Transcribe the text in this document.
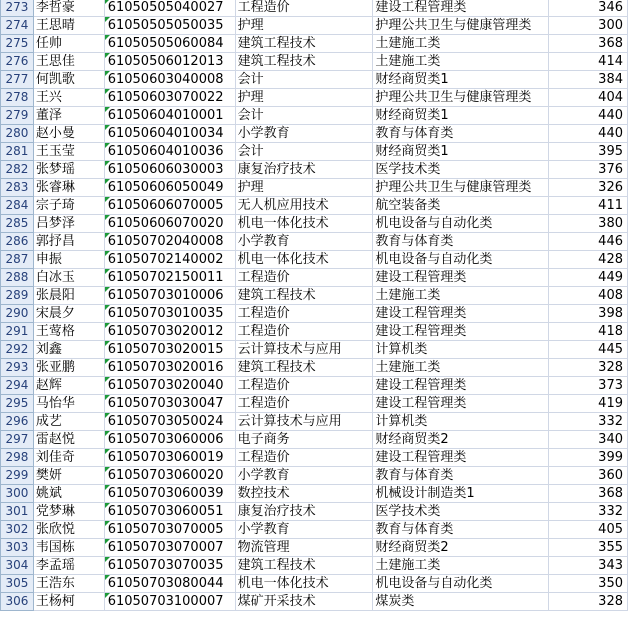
273	李哲豪	61050505040027	工程造价	建设工程管理类	346
274	王思晴	61050505050035	护理	护理公共卫生与健康管理类	300
275	任帅	61050505060084	建筑工程技术	土建施工类	368
276	王思佳	61050506012013	建筑工程技术	土建施工类	414
277	何凯歌	61050603040008	会计	财经商贸类1	384
278	王兴	61050603070022	护理	护理公共卫生与健康管理类	404
279	董泽	61050604010001	会计	财经商贸类1	440
280	赵小曼	61050604010034	小学教育	教育与体育类	440
281	王玉莹	61050604010036	会计	财经商贸类1	395
282	张梦瑶	61050606030003	康复治疗技术	医学技术类	376
283	张睿琳	61050606050049	护理	护理公共卫生与健康管理类	326
284	宗子琦	61050606070005	无人机应用技术	航空装备类	411
285	吕梦泽	61050606070020	机电一体化技术	机电设备与自动化类	380
286	郭抒昌	61050702040008	小学教育	教育与体育类	446
287	申振	61050702140002	机电一体化技术	机电设备与自动化类	428
288	白冰玉	61050702150011	工程造价	建设工程管理类	449
289	张晨阳	61050703010006	建筑工程技术	土建施工类	408
290	宋晨夕	61050703010035	工程造价	建设工程管理类	398
291	王莺格	61050703020012	工程造价	建设工程管理类	418
292	刘鑫	61050703020015	云计算技术与应用	计算机类	445
293	张亚鹏	61050703020016	建筑工程技术	土建施工类	328
294	赵辉	61050703020040	工程造价	建设工程管理类	373
295	马怡华	61050703030047	工程造价	建设工程管理类	419
296	成艺	61050703050024	云计算技术与应用	计算机类	332
297	雷赵悦	61050703060006	电子商务	财经商贸类2	340
298	刘佳奇	61050703060019	工程造价	建设工程管理类	399
299	樊妍	61050703060020	小学教育	教育与体育类	360
300	姚斌	61050703060039	数控技术	机械设计制造类1	368
301	党梦琳	61050703060051	康复治疗技术	医学技术类	332
302	张欣悦	61050703070005	小学教育	教育与体育类	405
303	韦国栋	61050703070007	物流管理	财经商贸类2	355
304	李孟瑶	61050703070035	建筑工程技术	土建施工类	343
305	王浩东	61050703080044	机电一体化技术	机电设备与自动化类	350
306	王杨柯	61050703100007	煤矿开采技术	煤炭类	328
